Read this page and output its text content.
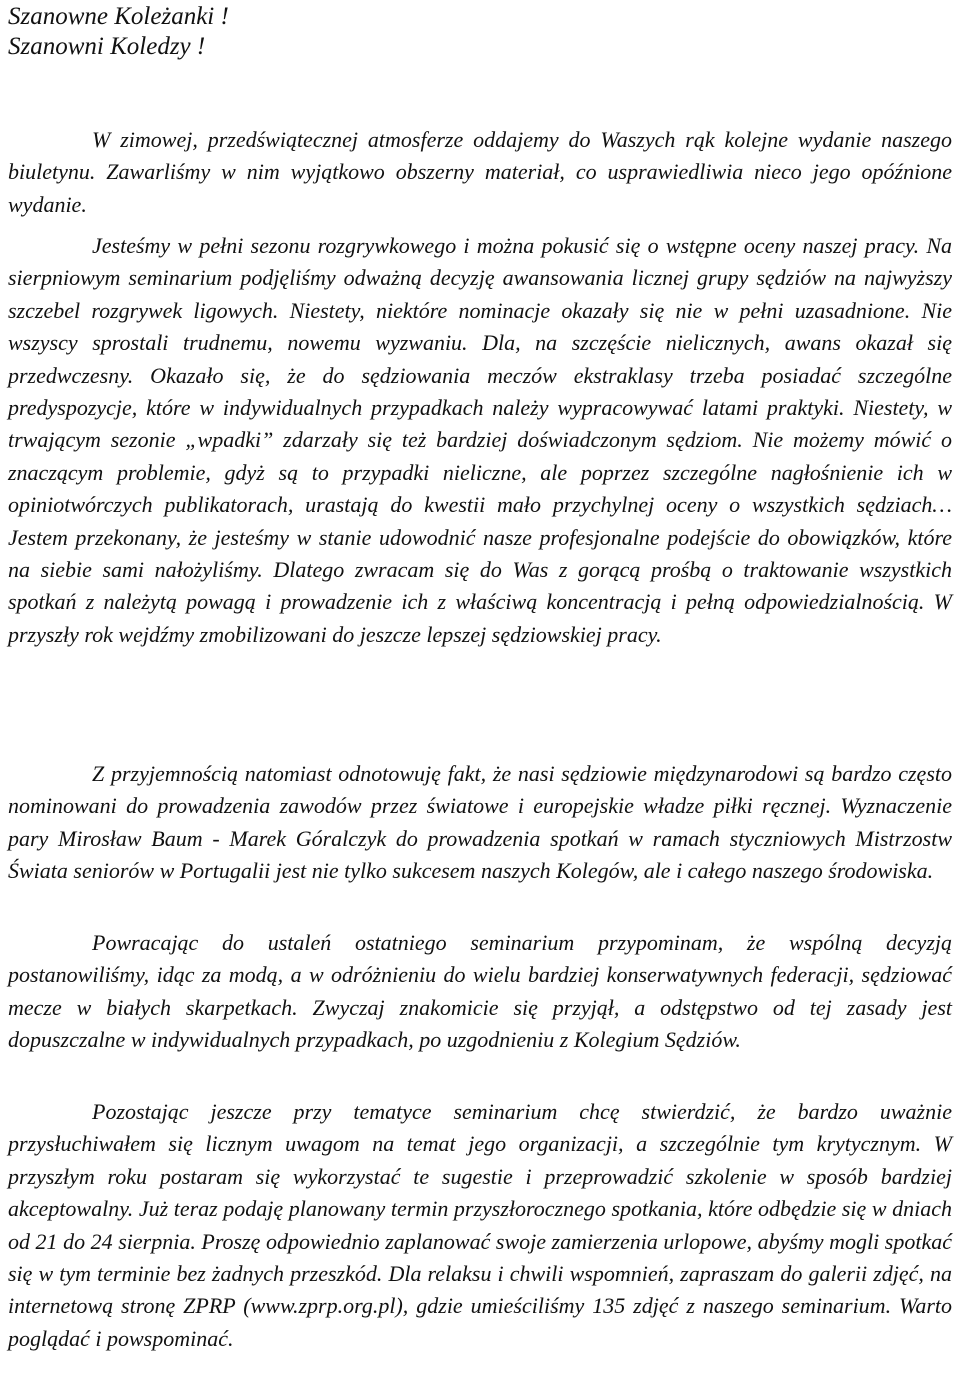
Szanowne Koleżanki !
Szanowni Koledzy !

W zimowej, przedświątecznej atmosferze oddajemy do Waszych rąk kolejne wydanie naszego biuletynu. Zawarliśmy w nim wyjątkowo obszerny materiał, co usprawiedliwia nieco jego opóźnione wydanie.

Jesteśmy w pełni sezonu rozgrywkowego i można pokusić się o wstępne oceny naszej pracy. Na sierpniowym seminarium podjęliśmy odważną decyzję awansowania licznej grupy sędziów na najwyższy szczebel rozgrywek ligowych. Niestety, niektóre nominacje okazały się nie w pełni uzasadnione. Nie wszyscy sprostali trudnemu, nowemu wyzwaniu. Dla, na szczęście nielicznych, awans okazał się przedwczesny. Okazało się, że do sędziowania meczów ekstraklasy trzeba posiadać szczególne predyspozycje, które w indywidualnych przypadkach należy wypracowywać latami praktyki. Niestety, w trwającym sezonie „wpadki” zdarzały się też bardziej doświadczonym sędziom. Nie możemy mówić o znaczącym problemie, gdyż są to przypadki nieliczne, ale poprzez szczególne nagłośnienie ich w opiniotwórczych publikatorach, urastają do kwestii mało przychylnej oceny o wszystkich sędziach… Jestem przekonany, że jesteśmy w stanie udowodnić nasze profesjonalne podejście do obowiązków, które na siebie sami nałożyliśmy. Dlatego zwracam się do Was z gorącą prośbą o traktowanie wszystkich spotkań z należytą powagą i prowadzenie ich z właściwą koncentracją i pełną odpowiedzialnością. W przyszły rok wejdźmy zmobilizowani do jeszcze lepszej sędziowskiej pracy.

Z przyjemnością natomiast odnotowuję fakt, że nasi sędziowie międzynarodowi są bardzo często nominowani do prowadzenia zawodów przez światowe i europejskie władze piłki ręcznej. Wyznaczenie pary Mirosław Baum - Marek Góralczyk do prowadzenia spotkań w ramach styczniowych Mistrzostw Świata seniorów w Portugalii jest nie tylko sukcesem naszych Kolegów, ale i całego naszego środowiska.

Powracając do ustaleń ostatniego seminarium przypominam, że wspólną decyzją postanowiliśmy, idąc za modą, a w odróżnieniu do wielu bardziej konserwatywnych federacji, sędziować mecze w białych skarpetkach. Zwyczaj znakomicie się przyjął, a odstępstwo od tej zasady jest dopuszczalne w indywidualnych przypadkach, po uzgodnieniu z Kolegium Sędziów.

Pozostając jeszcze przy tematyce seminarium chcę stwierdzić, że bardzo uważnie przysłuchiwałem się licznym uwagom na temat jego organizacji, a szczególnie tym krytycznym. W przyszłym roku postaram się wykorzystać te sugestie i przeprowadzić szkolenie w sposób bardziej akceptowalny. Już teraz podaję planowany termin przyszłorocznego spotkania, które odbędzie się w dniach od 21 do 24 sierpnia. Proszę odpowiednio zaplanować swoje zamierzenia urlopowe, abyśmy mogli spotkać się w tym terminie bez żadnych przeszkód. Dla relaksu i chwili wspomnień, zapraszam do galerii zdjęć, na internetową stronę ZPRP (www.zprp.org.pl), gdzie umieściliśmy 135 zdjęć z naszego seminarium. Warto poglądać i powspominać.
